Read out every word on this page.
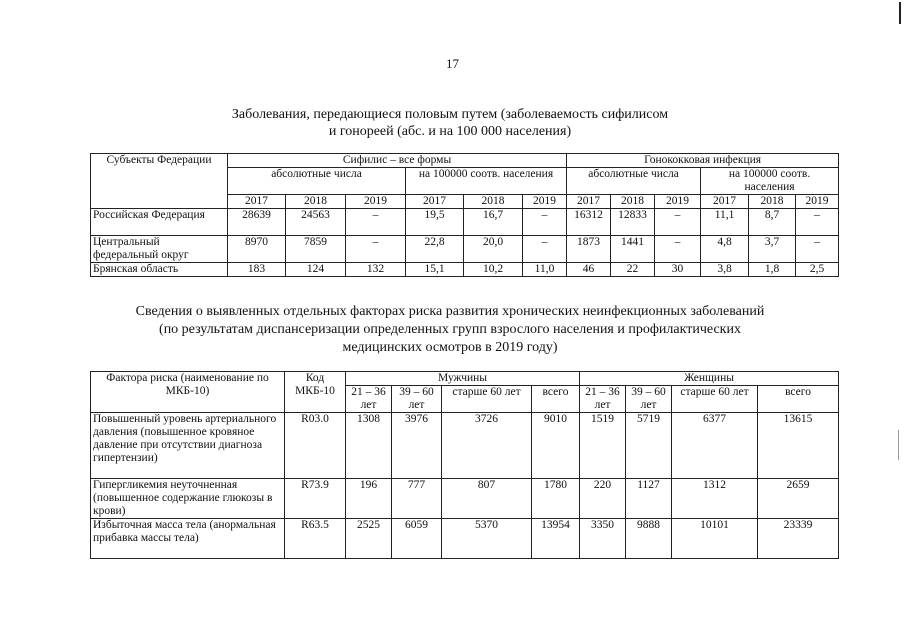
17
Заболевания, передающиеся половым путем (заболеваемость сифилисом
и гонореей (абс. и на 100 000 населения)
Субъекты Федерации	Сифилис – все формы						Гонококковая инфекция					
	абсолютные числа			на 100000 соотв. населения			абсолютные числа			на 100000 соотв. населения		
	2017	2018	2019	2017	2018	2019	2017	2018	2019	2017	2018	2019
Российская Федерация	28639	24563	–	19,5	16,7	–	16312	12833	–	11,1	8,7	–
Центральный федеральный округ	8970	7859	–	22,8	20,0	–	1873	1441	–	4,8	3,7	–
Брянская область	183	124	132	15,1	10,2	11,0	46	22	30	3,8	1,8	2,5
Сведения о выявленных отдельных факторах риска развития хронических неинфекционных заболеваний
(по результатам диспансеризации определенных групп взрослого населения и профилактических
медицинских осмотров в 2019 году)
Фактора риска (наименование по МКБ-10)	Код МКБ-10	Мужчины				Женщины			
		21 – 36 лет	39 – 60 лет	старше 60 лет	всего	21 – 36 лет	39 – 60 лет	старше 60 лет	всего
Повышенный уровень артериального давления (повышенное кровяное давление при отсутствии диагноза гипертензии)	R03.0	1308	3976	3726	9010	1519	5719	6377	13615
Гипергликемия неуточненная (повышенное содержание глюкозы в крови)	R73.9	196	777	807	1780	220	1127	1312	2659
Избыточная масса тела (анормальная прибавка массы тела)	R63.5	2525	6059	5370	13954	3350	9888	10101	23339
